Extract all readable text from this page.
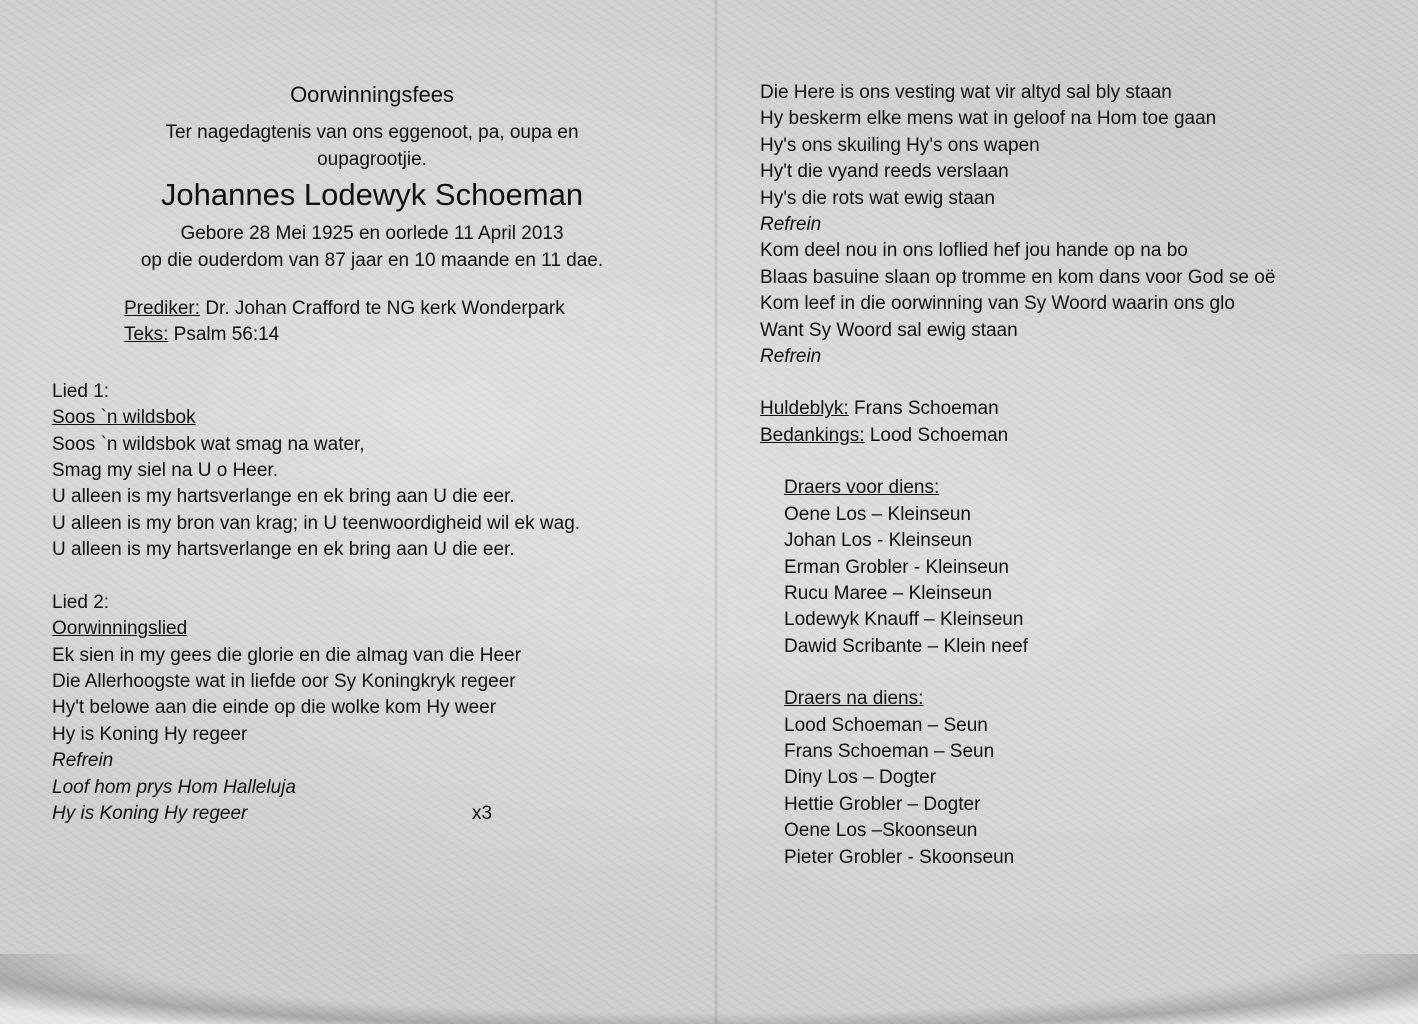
Oorwinningsfees
Ter nagedagtenis van ons eggenoot, pa, oupa en
oupagrootjie.
Johannes Lodewyk Schoeman
Gebore 28 Mei 1925 en oorlede 11 April 2013
op die ouderdom van 87 jaar en 10 maande en 11 dae.
Prediker: Dr. Johan Crafford te NG kerk Wonderpark
Teks: Psalm 56:14
Lied 1:
Soos `n wildsbok
Soos `n wildsbok wat smag na water,
Smag my siel na U o Heer.
U alleen is my hartsverlange en ek bring aan U die eer.
U alleen is my bron van krag; in U teenwoordigheid wil ek wag.
U alleen is my hartsverlange en ek bring aan U die eer.
Lied 2:
Oorwinningslied
Ek sien in my gees die glorie en die almag van die Heer
Die Allerhoogste wat in liefde oor Sy Koningkryk regeer
Hy't belowe aan die einde op die wolke kom Hy weer
Hy is Koning Hy regeer
Refrein
Loof hom prys Hom Halleluja
Hy is Koning Hy regeer	x3
Die Here is ons vesting wat vir altyd sal bly staan
Hy beskerm elke mens wat in geloof na Hom toe gaan
Hy's ons skuiling Hy's ons wapen
Hy't die vyand reeds verslaan
Hy's die rots wat ewig staan
Refrein
Kom deel nou in ons loflied hef jou hande op na bo
Blaas basuine slaan op tromme en kom dans voor God se oë
Kom leef in die oorwinning van Sy Woord waarin ons glo
Want Sy Woord sal ewig staan
Refrein
Huldeblyk: Frans Schoeman
Bedankings: Lood Schoeman
Draers voor diens:
Oene Los – Kleinseun
Johan Los - Kleinseun
Erman Grobler - Kleinseun
Rucu Maree – Kleinseun
Lodewyk Knauff – Kleinseun
Dawid Scribante – Klein neef
Draers na diens:
Lood Schoeman – Seun
Frans Schoeman – Seun
Diny Los – Dogter
Hettie Grobler – Dogter
Oene Los –Skoonseun
Pieter Grobler - Skoonseun
